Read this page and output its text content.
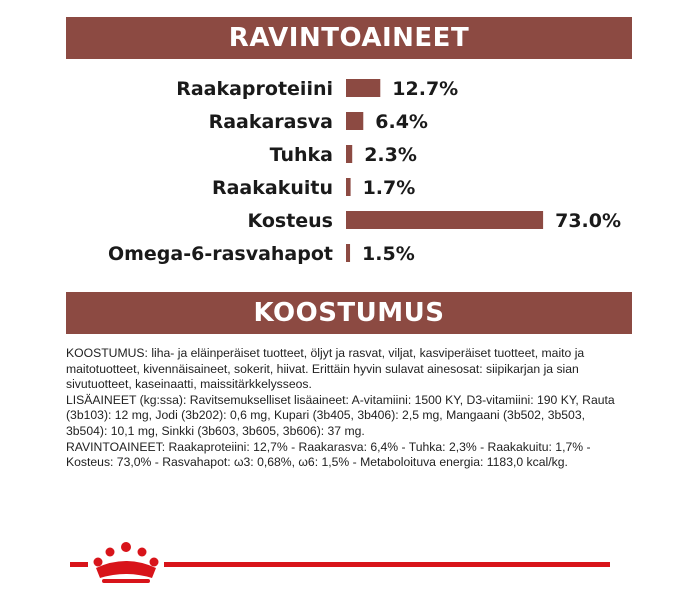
RAVINTOAINEET
Raakaproteiini	12.7%
Raakarasva 6.4%
Tuhka 2.3%
Raakakuitu 1.7%
Kosteus	73.0%
Omega-6-rasvahapot 1.5%
KOOSTUMUS

KOOSTUMUS: liha- ja eläinperäiset tuotteet, öljyt ja rasvat, viljat, kasviperäiset tuotteet, maito ja maitotuotteet, kivennäisaineet, sokerit, hiivat. Erittäin hyvin sulavat ainesosat: siipikarjan ja sian sivutuotteet, kaseinaatti, maissitärkkelysseos.

LISÄAINEET (kg:ssa): Ravitsemukselliset lisäaineet: A-vitamiini: 1500 KY, D3-vitamiini: 190 KY, Rauta (3b103): 12 mg, Jodi (3b202): 0,6 mg, Kupari (3b405, 3b406): 2,5 mg, Mangaani (3b502, 3b503, 3b504): 10,1 mg, Sinkki (3b603, 3b605, 3b606): 37 mg.

RAVINTOAINEET: Raakaproteiini: 12,7% - Raakarasva: 6,4% - Tuhka: 2,3% - Raakakuitu: 1,7% - Kosteus: 73,0% - Rasvahapot: ω3: 0,68%, ω6: 1,5% - Metaboloituva energia: 1183,0 kcal/kg.
